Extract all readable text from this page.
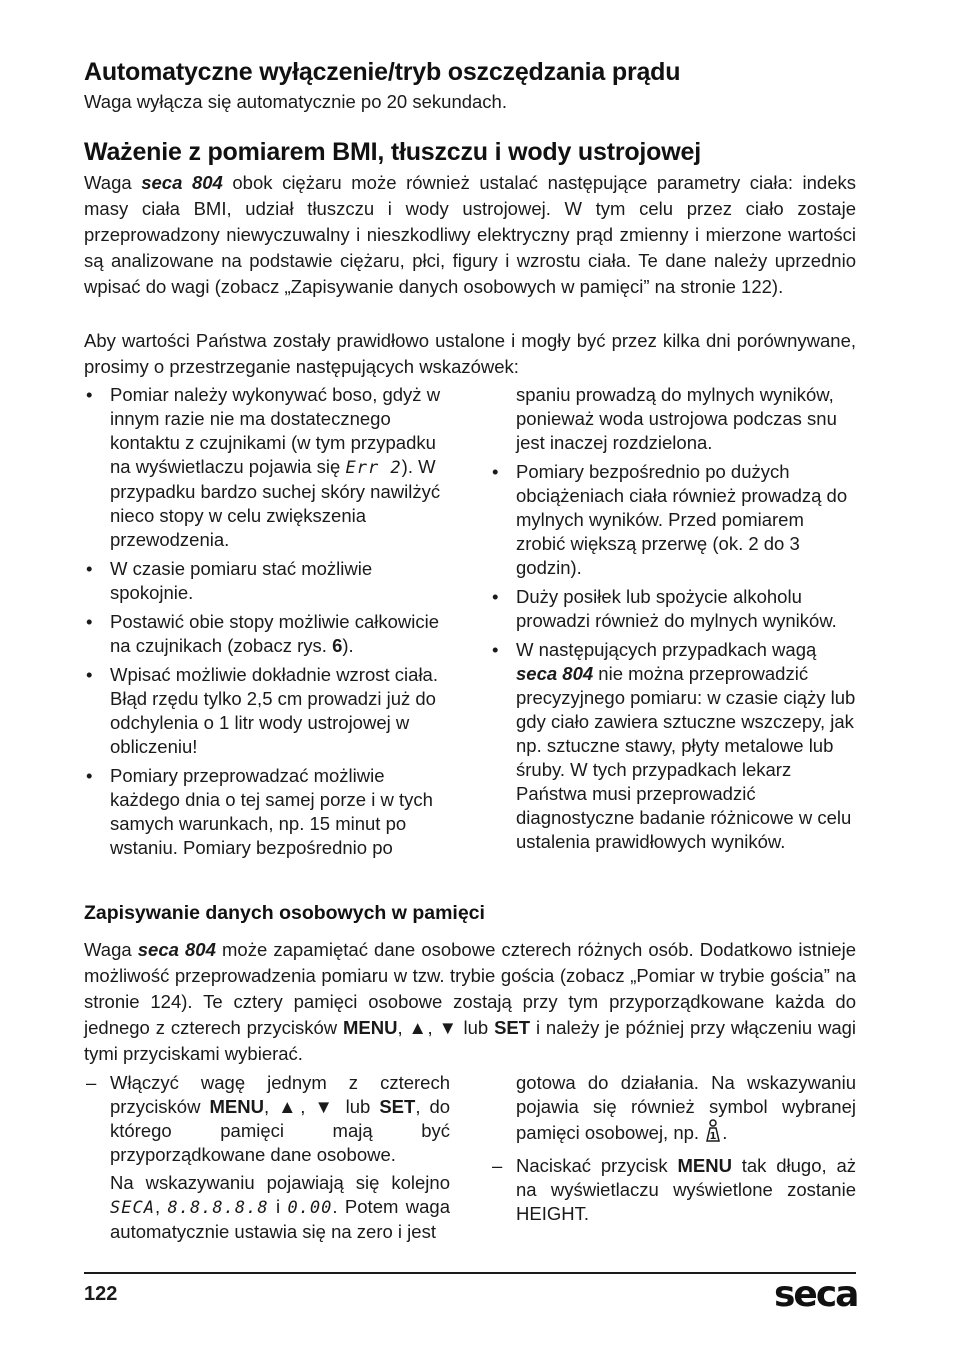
Automatyczne wyłączenie/tryb oszczędzania prądu

Waga wyłącza się automatycznie po 20 sekundach.

Ważenie z pomiarem BMI, tłuszczu i wody ustrojowej

Waga seca 804 obok ciężaru może również ustalać następujące parametry ciała: indeks masy ciała BMI, udział tłuszczu i wody ustrojowej. W tym celu przez ciało zostaje przeprowadzony niewyczuwalny i nieszkodliwy elektryczny prąd zmienny i mierzone wartości są analizowane na podstawie ciężaru, płci, figury i wzrostu ciała. Te dane należy uprzednio wpisać do wagi (zobacz „Zapisywanie danych osobowych w pamięci” na stronie 122).

Aby wartości Państwa zostały prawidłowo ustalone i mogły być przez kilka dni porównywane, prosimy o przestrzeganie następujących wskazówek:

• Pomiar należy wykonywać boso, gdyż w innym razie nie ma dostatecznego kontaktu z czujnikami (w tym przypadku na wyświetlaczu pojawia się Err 2). W przypadku bardzo suchej skóry nawilżyć nieco stopy w celu zwiększenia przewodzenia.
• W czasie pomiaru stać możliwie spokojnie.
• Postawić obie stopy możliwie całkowicie na czujnikach (zobacz rys. 6).
• Wpisać możliwie dokładnie wzrost ciała. Błąd rzędu tylko 2,5 cm prowadzi już do odchylenia o 1 litr wody ustrojowej w obliczeniu!
• Pomiary przeprowadzać możliwie każdego dnia o tej samej porze i w tych samych warunkach, np. 15 minut po wstaniu. Pomiary bezpośrednio po
spaniu prowadzą do mylnych wyników, ponieważ woda ustrojowa podczas snu jest inaczej rozdzielona.
• Pomiary bezpośrednio po dużych obciążeniach ciała również prowadzą do mylnych wyników. Przed pomiarem zrobić większą przerwę (ok. 2 do 3 godzin).
• Duży posiłek lub spożycie alkoholu prowadzi również do mylnych wyników.
• W następujących przypadkach wagą seca 804 nie można przeprowadzić precyzyjnego pomiaru: w czasie ciąży lub gdy ciało zawiera sztuczne wszczepy, jak np. sztuczne stawy, płyty metalowe lub śruby. W tych przypadkach lekarz Państwa musi przeprowadzić diagnostyczne badanie różnicowe w celu ustalenia prawidłowych wyników.
Zapisywanie danych osobowych w pamięci

Waga seca 804 może zapamiętać dane osobowe czterech różnych osób. Dodatkowo istnieje możliwość przeprowadzenia pomiaru w tzw. trybie gościa (zobacz „Pomiar w trybie gościa” na stronie 124). Te cztery pamięci osobowe zostają przy tym przyporządkowane każda do jednego z czterech przycisków MENU, ▲, ▼ lub SET i należy je później przy włączeniu wagi tymi przyciskami wybierać.

– Włączyć wagę jednym z czterech przycisków MENU, ▲, ▼ lub SET, do którego pamięci mają być przyporządkowane dane osobowe.
Na wskazywaniu pojawiają się kolejno SECA, 8.8.8.8.8 i 0.00. Potem waga automatycznie ustawia się na zero i jest
gotowa do działania. Na wskazywaniu pojawia się również symbol wybranej pamięci osobowej, np. 1 .
– Naciskać przycisk MENU tak długo, aż na wyświetlaczu wyświetlone zostanie HEIGHT.
122	seca
